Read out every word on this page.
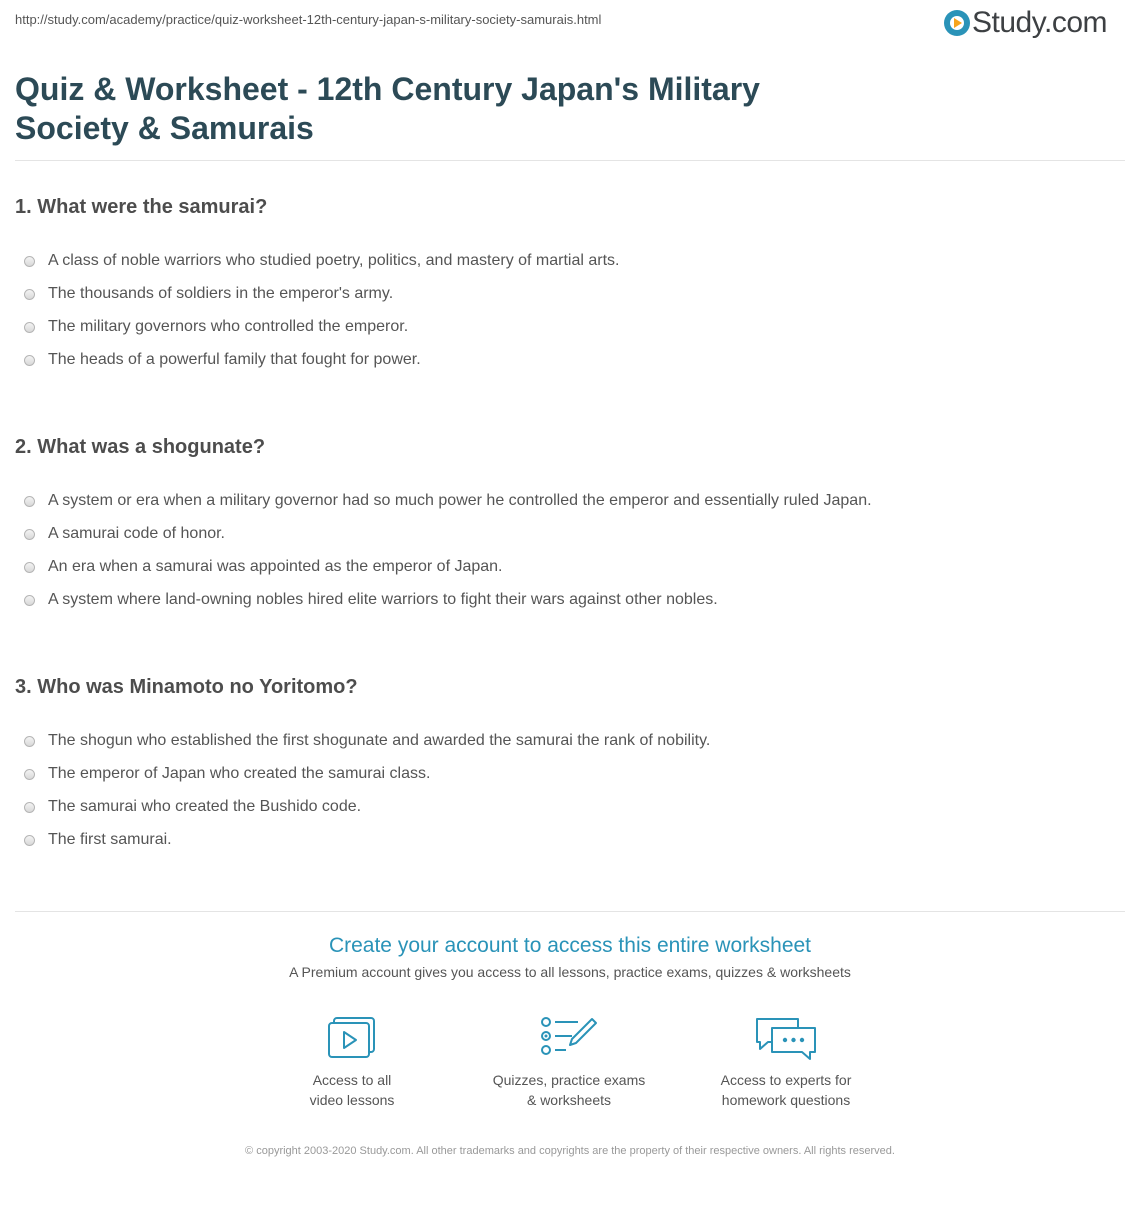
http://study.com/academy/practice/quiz-worksheet-12th-century-japan-s-military-society-samurais.html	Study.com
Quiz & Worksheet - 12th Century Japan's Military Society & Samurais
1. What were the samurai?
A class of noble warriors who studied poetry, politics, and mastery of martial arts.
The thousands of soldiers in the emperor's army.
The military governors who controlled the emperor.
The heads of a powerful family that fought for power.
2. What was a shogunate?
A system or era when a military governor had so much power he controlled the emperor and essentially ruled Japan.
A samurai code of honor.
An era when a samurai was appointed as the emperor of Japan.
A system where land-owning nobles hired elite warriors to fight their wars against other nobles.
3. Who was Minamoto no Yoritomo?
The shogun who established the first shogunate and awarded the samurai the rank of nobility.
The emperor of Japan who created the samurai class.
The samurai who created the Bushido code.
The first samurai.
Create your account to access this entire worksheet
A Premium account gives you access to all lessons, practice exams, quizzes & worksheets
Access to all
video lessons
Quizzes, practice exams
& worksheets
Access to experts for
homework questions
© copyright 2003-2020 Study.com. All other trademarks and copyrights are the property of their respective owners. All rights reserved.
